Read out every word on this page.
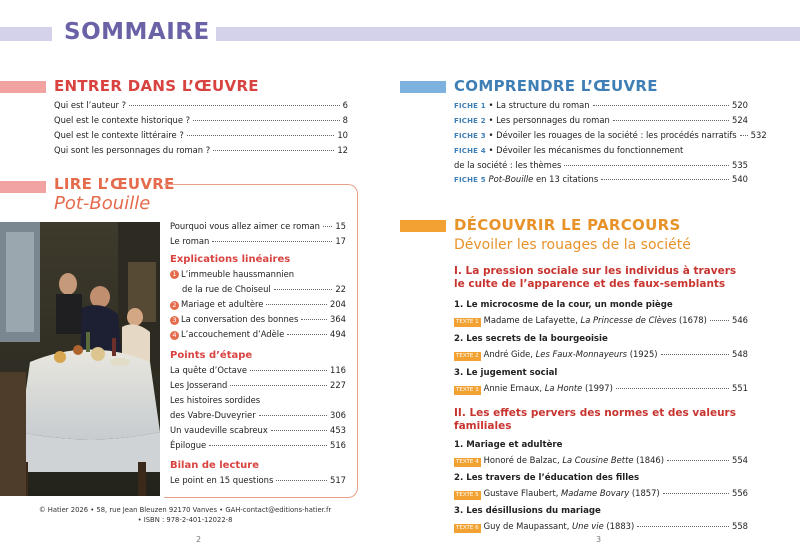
SOMMAIRE
ENTRER DANS L’ŒUVRE
Qui est l’auteur ?	6
Quel est le contexte historique ?	8
Quel est le contexte littéraire ?	10
Qui sont les personnages du roman ?	12
LIRE L’ŒUVRE
Pot-Bouille
Pourquoi vous allez aimer ce roman 15
Le roman	17
Explications linéaires
1 L’immeuble haussmannien
de la rue de Choiseul	22
2 Mariage et adultère	204
3 La conversation des bonnes	364
4 L’accouchement d’Adèle	494
Points d’étape
La quête d’Octave	116
Les Josserand	227
Les histoires sordides
des Vabre-Duveyrier	306
Un vaudeville scabreux	453
Épilogue	516
Bilan de lecture
Le point en 15 questions	517
© Hatier 2026 • 58, rue Jean Bleuzen 92170 Vanves • GAH-contact@editions-hatier.fr
• ISBN : 978-2-401-12022-8
2	3
COMPRENDRE L’ŒUVRE
FICHE 1
• La structure du roman	520
FICHE 2
• Les personnages du roman	524
FICHE 3
• Dévoiler les rouages de la société : les procédés narratifs 532
FICHE 4 • Dévoiler les mécanismes du fonctionnement
de la société : les thèmes	535
FICHE 5
Pot-Bouille en 13 citations	540
DÉCOUVRIR LE PARCOURS
Dévoiler les rouages de la société
I. La pression sociale sur les individus à travers le culte de l’apparence et des faux-semblants
1. Le microcosme de la cour, un monde piège
TEXTE 1 Madame de Lafayette, La Princesse de Clèves (1678)	546
2. Les secrets de la bourgeoisie
TEXTE 2 André Gide, Les Faux-Monnayeurs (1925)	548
3. Le jugement social
TEXTE 3 Annie Ernaux, La Honte (1997)	551
II. Les effets pervers des normes et des valeurs familiales
1. Mariage et adultère
TEXTE 4 Honoré de Balzac, La Cousine Bette (1846)	554
2. Les travers de l’éducation des filles
TEXTE 5 Gustave Flaubert, Madame Bovary (1857)	556
3. Les désillusions du mariage
TEXTE 6 Guy de Maupassant, Une vie (1883)	558
